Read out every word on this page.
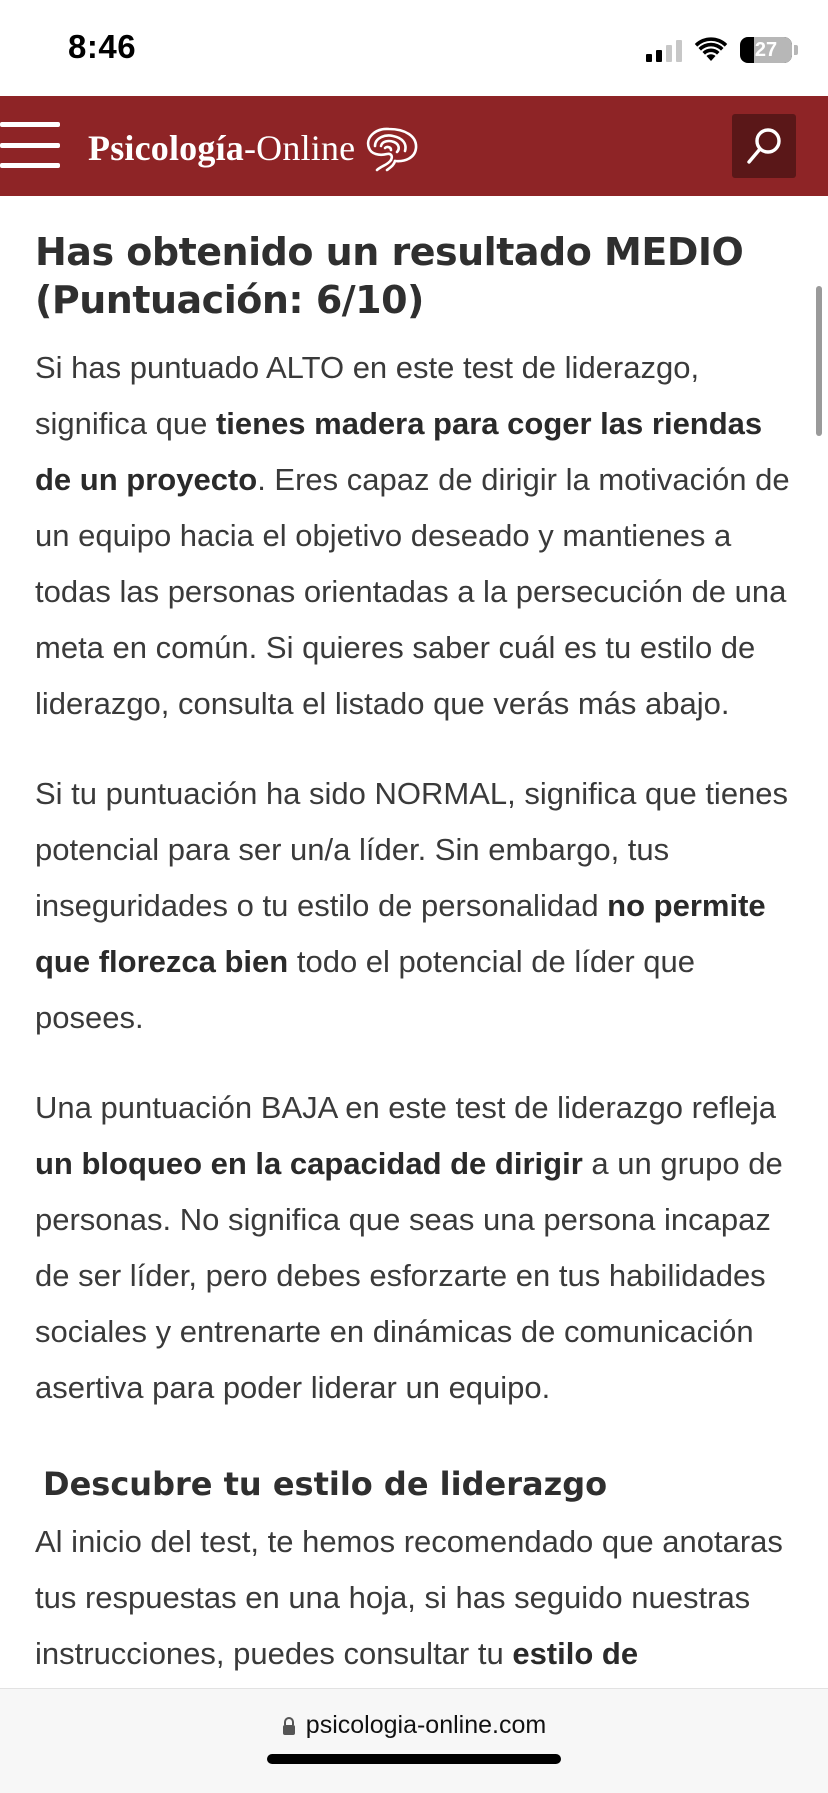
8:46	27
Psicología-Online
Has obtenido un resultado MEDIO (Puntuación: 6/10)

Si has puntuado ALTO en este test de liderazgo, significa que tienes madera para coger las riendas de un proyecto. Eres capaz de dirigir la motivación de un equipo hacia el objetivo deseado y mantienes a todas las personas orientadas a la persecución de una meta en común. Si quieres saber cuál es tu estilo de liderazgo, consulta el listado que verás más abajo.

Si tu puntuación ha sido NORMAL, significa que tienes potencial para ser un/a líder. Sin embargo, tus inseguridades o tu estilo de personalidad no permite que florezca bien todo el potencial de líder que posees.

Una puntuación BAJA en este test de liderazgo refleja un bloqueo en la capacidad de dirigir a un grupo de personas. No significa que seas una persona incapaz de ser líder, pero debes esforzarte en tus habilidades sociales y entrenarte en dinámicas de comunicación asertiva para poder liderar un equipo.

Descubre tu estilo de liderazgo

Al inicio del test, te hemos recomendado que anotaras tus respuestas en una hoja, si has seguido nuestras instrucciones, puedes consultar tu estilo de

psicologia-online.com
